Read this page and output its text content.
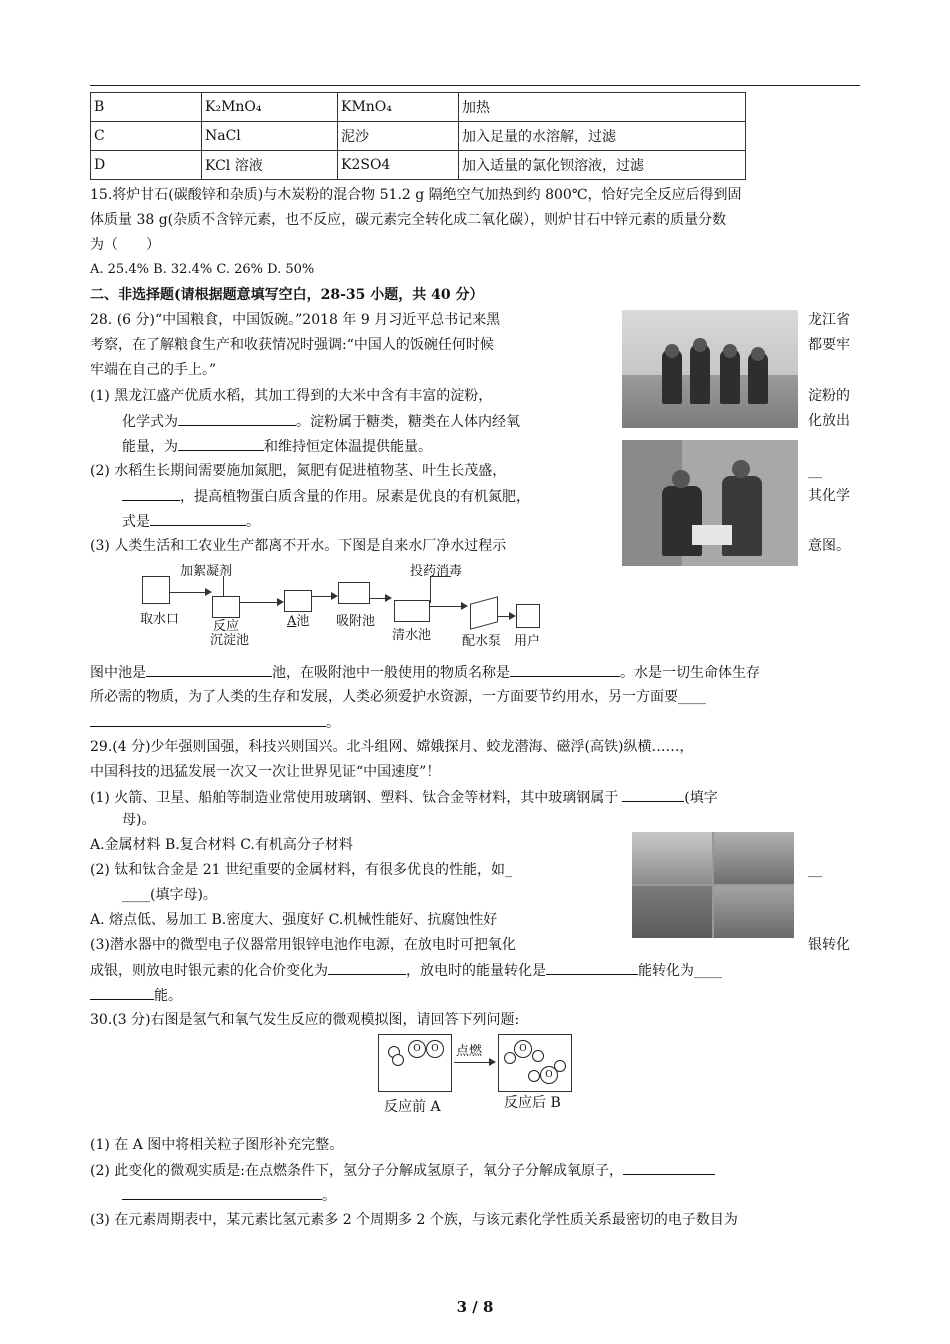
B	K₂MnO₄	KMnO₄	加热
C	NaCl	泥沙	加入足量的水溶解，过滤
D	KCl 溶液	K2SO4	加入适量的氯化钡溶液，过滤
15.将炉甘石(碳酸锌和杂质)与木炭粉的混合物 51.2 g 隔绝空气加热到约 800℃，恰好完全反应后得到固
体质量 38 g(杂质不含锌元素，也不反应，碳元素完全转化成二氧化碳），则炉甘石中锌元素的质量分数
为（　　）
A. 25.4% B. 32.4% C. 26% D. 50%
二、非选择题(请根据题意填写空白，28-35 小题，共 40 分）
28. (6 分)“中国粮食，中国饭碗。”2018 年 9 月习近平总书记来黑	龙江省
考察，在了解粮食生产和收获情况时强调:“中国人的饭碗任何时候	都要牢
牢端在自己的手上。”
(1) 黑龙江盛产优质水稻，其加工得到的大米中含有丰富的淀粉，	淀粉的
化学式为	。淀粉属于糖类，糖类在人体内经氧	化放出
能量，为	和维持恒定体温提供能量。
(2) 水稻生长期间需要施加氮肥，氮肥有促进植物茎、叶生长茂盛，	__
，提高植物蛋白质含量的作用。尿素是优良的有机氮肥，	其化学
式是	。
(3) 人类生活和工农业生产都离不开水。下图是自来水厂净水过程示	意图。
加絮凝剂
取水口	反应
沉淀池
A池 吸附池
清水池
投药消毒
配水泵 用户
图中池是	池，在吸附池中一般使用的物质名称是	。水是一切生命体生存
所必需的物质，为了人类的生存和发展，人类必须爱护水资源，一方面要节约用水，另一方面要____
。
29.(4 分)少年强则国强，科技兴则国兴。北斗组网、嫦娥探月、蛟龙潜海、磁浮(高铁)纵横……，
中国科技的迅猛发展一次又一次让世界见证“中国速度”！
(1) 火箭、卫星、船舶等制造业常使用玻璃钢、塑料、钛合金等材料，其中玻璃钢属于	(填字
母)。
A.金属材料 B.复合材料 C.有机高分子材料
(2) 钛和钛合金是 21 世纪重要的金属材料，有很多优良的性能，如_	__
____(填字母)。
A. 熔点低、易加工 B.密度大、强度好 C.机械性能好、抗腐蚀性好
(3)潜水器中的微型电子仪器常用银锌电池作电源，在放电时可把氧化	银转化
成银，则放电时银元素的化合价变化为	，放电时的能量转化是	能转化为____
能。
30.(3 分)右图是氢气和氧气发生反应的微观模拟图，请回答下列问题:
O	O	点燃	O
O
反应前 A	反应后 B
(1) 在 A 图中将相关粒子图形补充完整。
(2) 此变化的微观实质是:在点燃条件下，氢分子分解成氢原子，氧分子分解成氧原子，
。
(3) 在元素周期表中，某元素比氢元素多 2 个周期多 2 个族，与该元素化学性质关系最密切的电子数目为
3 / 8
